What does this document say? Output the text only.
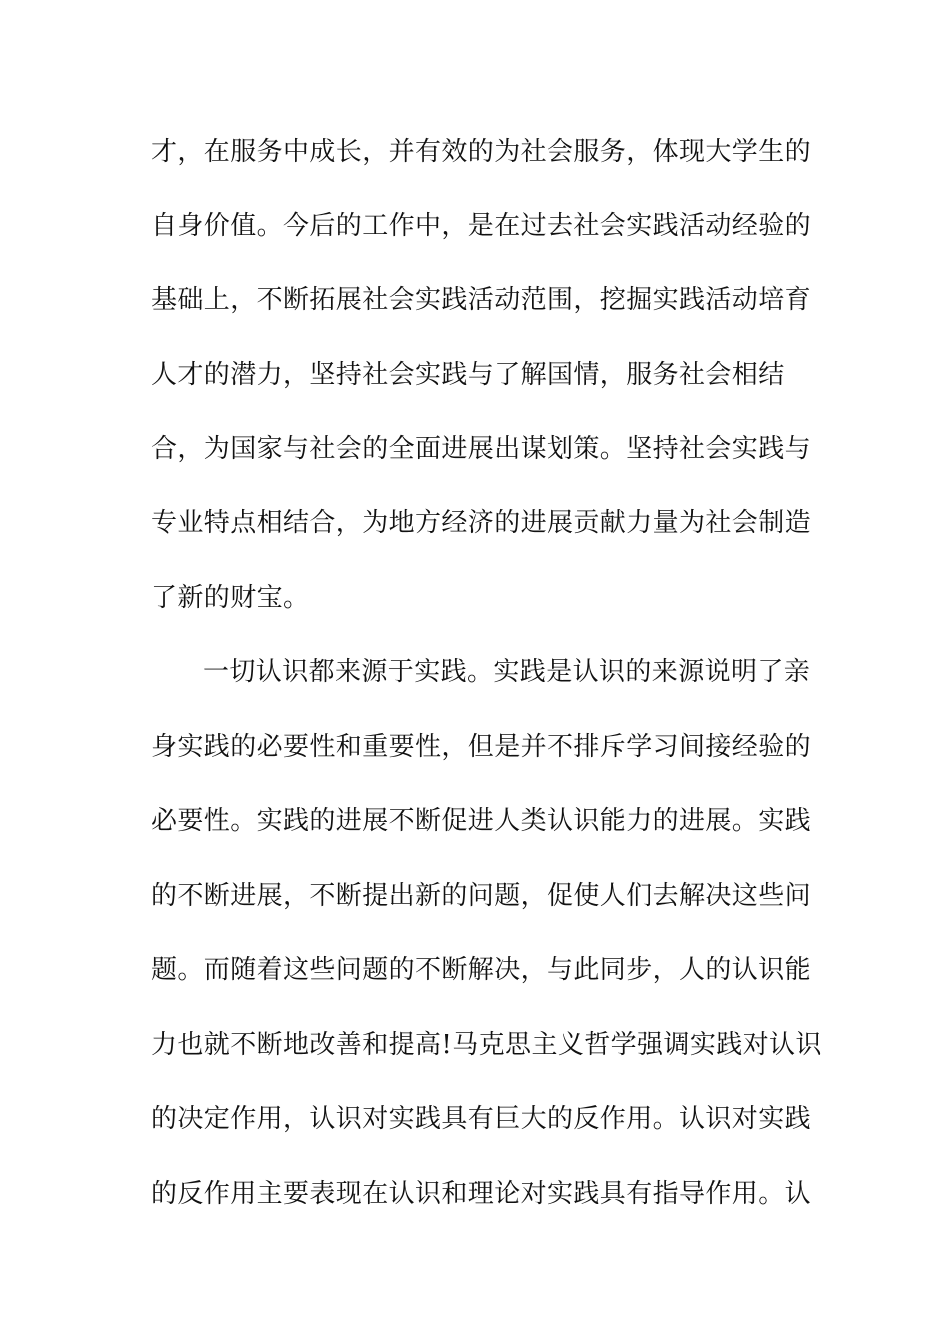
才，在服务中成长，并有效的为社会服务，体现大学生的
自身价值。今后的工作中，是在过去社会实践活动经验的
基础上，不断拓展社会实践活动范围，挖掘实践活动培育
人才的潜力，坚持社会实践与了解国情，服务社会相结
合，为国家与社会的全面进展出谋划策。坚持社会实践与
专业特点相结合，为地方经济的进展贡献力量为社会制造
了新的财宝。
一切认识都来源于实践。实践是认识的来源说明了亲
身实践的必要性和重要性，但是并不排斥学习间接经验的
必要性。实践的进展不断促进人类认识能力的进展。实践
的不断进展，不断提出新的问题，促使人们去解决这些问
题。而随着这些问题的不断解决，与此同步，人的认识能
力也就不断地改善和提高!马克思主义哲学强调实践对认识
的决定作用，认识对实践具有巨大的反作用。认识对实践
的反作用主要表现在认识和理论对实践具有指导作用。认
